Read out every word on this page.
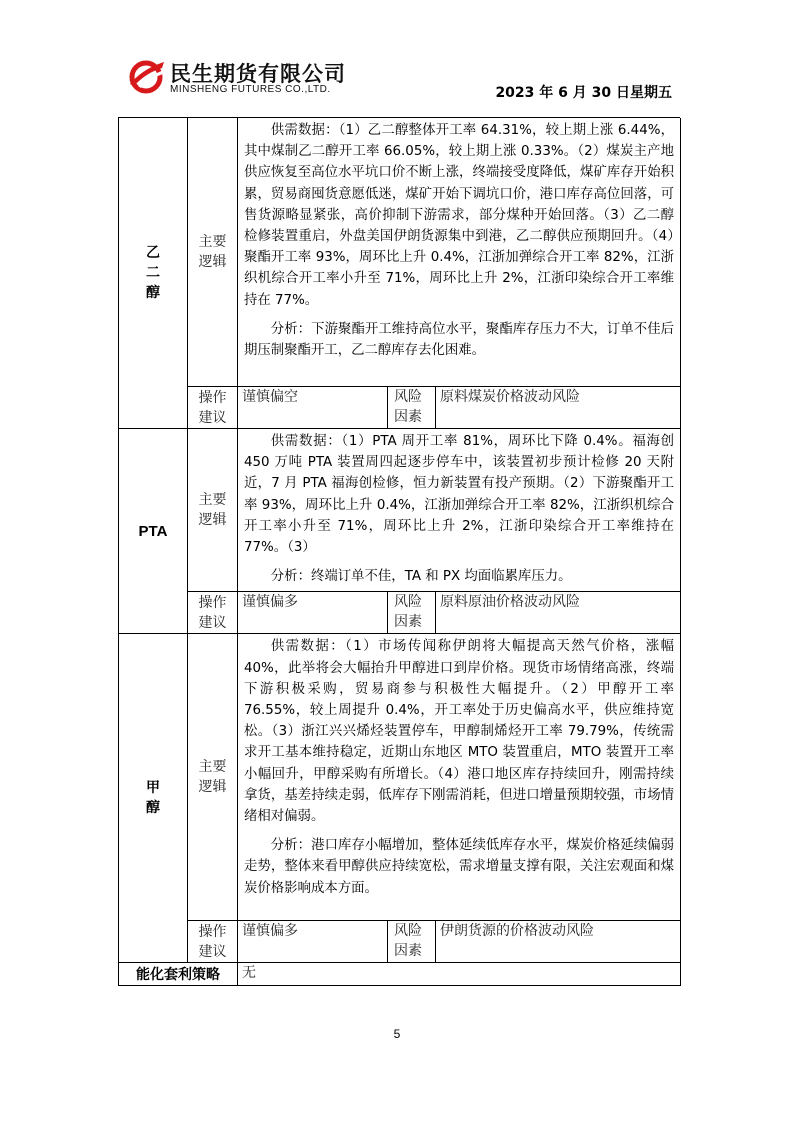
民生期货有限公司
MINSHENG FUTURES CO.,LTD.	2023 年 6 月 30 日星期五
乙二醇	主要逻辑	供需数据：（1）乙二醇整体开工率 64.31%，较上期上涨 6.44%，其中煤制乙二醇开工率 66.05%，较上期上涨 0.33%。（2）煤炭主产地供应恢复至高位水平坑口价不断上涨，终端接受度降低，煤矿库存开始积累，贸易商囤货意愿低迷，煤矿开始下调坑口价，港口库存高位回落，可售货源略显紧张，高价抑制下游需求，部分煤种开始回落。（3）乙二醇检修装置重启，外盘美国伊朗货源集中到港，乙二醇供应预期回升。（4）聚酯开工率 93%，周环比上升 0.4%，江浙加弹综合开工率 82%，江浙织机综合开工率小升至 71%，周环比上升 2%，江浙印染综合开工率维持在 77%。

分析：下游聚酯开工维持高位水平，聚酯库存压力不大，订单不佳后期压制聚酯开工，乙二醇库存去化困难。		

	操作建议	谨慎偏空	风险因素	原料煤炭价格波动风险
PTA	主要逻辑	供需数据：（1）PTA 周开工率 81%，周环比下降 0.4%。福海创 450 万吨 PTA 装置周四起逐步停车中，该装置初步预计检修 20 天附近，7 月 PTA 福海创检修，恒力新装置有投产预期。（2）下游聚酯开工率 93%，周环比上升 0.4%，江浙加弹综合开工率 82%，江浙织机综合开工率小升至 71%，周环比上升 2%，江浙印染综合开工率维持在 77%。（3）

分析：终端订单不佳，TA 和 PX 均面临累库压力。		

	操作建议	谨慎偏多	风险因素	原料原油价格波动风险
甲醇	主要逻辑	供需数据：（1）市场传闻称伊朗将大幅提高天然气价格，涨幅 40%，此举将会大幅抬升甲醇进口到岸价格。现货市场情绪高涨，终端下游积极采购，贸易商参与积极性大幅提升。（2）甲醇开工率 76.55%，较上周提升 0.4%，开工率处于历史偏高水平，供应维持宽松。（3）浙江兴兴烯烃装置停车，甲醇制烯烃开工率 79.79%，传统需求开工基本维持稳定，近期山东地区 MTO 装置重启，MTO 装置开工率小幅回升，甲醇采购有所增长。（4）港口地区库存持续回升，刚需持续拿货，基差持续走弱，低库存下刚需消耗，但进口增量预期较强，市场情绪相对偏弱。

分析：港口库存小幅增加，整体延续低库存水平，煤炭价格延续偏弱走势，整体来看甲醇供应持续宽松，需求增量支撑有限，关注宏观面和煤炭价格影响成本方面。		

	操作建议	谨慎偏多	风险因素	伊朗货源的价格波动风险
能化套利策略		无		
5
